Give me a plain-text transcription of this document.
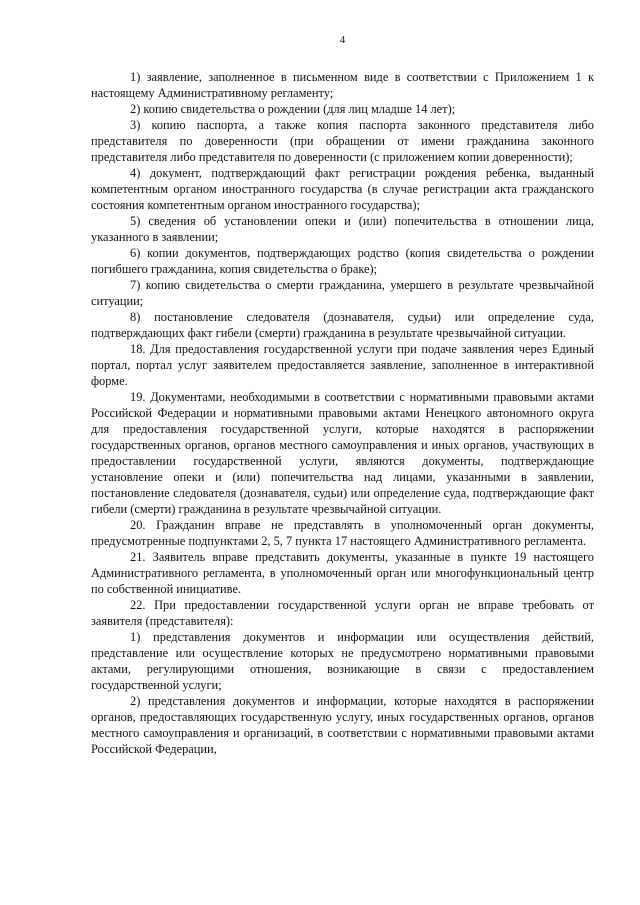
4

1) заявление, заполненное в письменном виде в соответствии с Приложением 1 к настоящему Административному регламенту;

2) копию свидетельства о рождении (для лиц младше 14 лет);

3) копию паспорта, а также копия паспорта законного представителя либо представителя по доверенности (при обращении от имени гражданина законного представителя либо представителя по доверенности (с приложением копии доверенности);

4) документ, подтверждающий факт регистрации рождения ребенка, выданный компетентным органом иностранного государства (в случае регистрации акта гражданского состояния компетентным органом иностранного государства);

5) сведения об установлении опеки и (или) попечительства в отношении лица, указанного в заявлении;

6) копии документов, подтверждающих родство (копия свидетельства о рождении погибшего гражданина, копия свидетельства о браке);

7) копию свидетельства о смерти гражданина, умершего в результате чрезвычайной ситуации;

8) постановление следователя (дознавателя, судьи) или определение суда, подтверждающих факт гибели (смерти) гражданина в результате чрезвычайной ситуации.

18. Для предоставления государственной услуги при подаче заявления через Единый портал, портал услуг заявителем предоставляется заявление, заполненное в интерактивной форме.

19. Документами, необходимыми в соответствии с нормативными правовыми актами Российской Федерации и нормативными правовыми актами Ненецкого автономного округа для предоставления государственной услуги, которые находятся в распоряжении государственных органов, органов местного самоуправления и иных органов, участвующих в предоставлении государственной услуги, являются документы, подтверждающие установление опеки и (или) попечительства над лицами, указанными в заявлении, постановление следователя (дознавателя, судьи) или определение суда, подтверждающие факт гибели (смерти) гражданина в результате чрезвычайной ситуации.

20. Гражданин вправе не представлять в уполномоченный орган документы, предусмотренные подпунктами 2, 5, 7 пункта 17 настоящего Административного регламента.

21. Заявитель вправе представить документы, указанные в пункте 19 настоящего Административного регламента, в уполномоченный орган или многофункциональный центр по собственной инициативе.

22. При предоставлении государственной услуги орган не вправе требовать от заявителя (представителя):

1) представления документов и информации или осуществления действий, представление или осуществление которых не предусмотрено нормативными правовыми актами, регулирующими отношения, возникающие в связи с предоставлением государственной услуги;

2) представления документов и информации, которые находятся в распоряжении органов, предоставляющих государственную услугу, иных государственных органов, органов местного самоуправления и организаций, в соответствии с нормативными правовыми актами Российской Федерации,
